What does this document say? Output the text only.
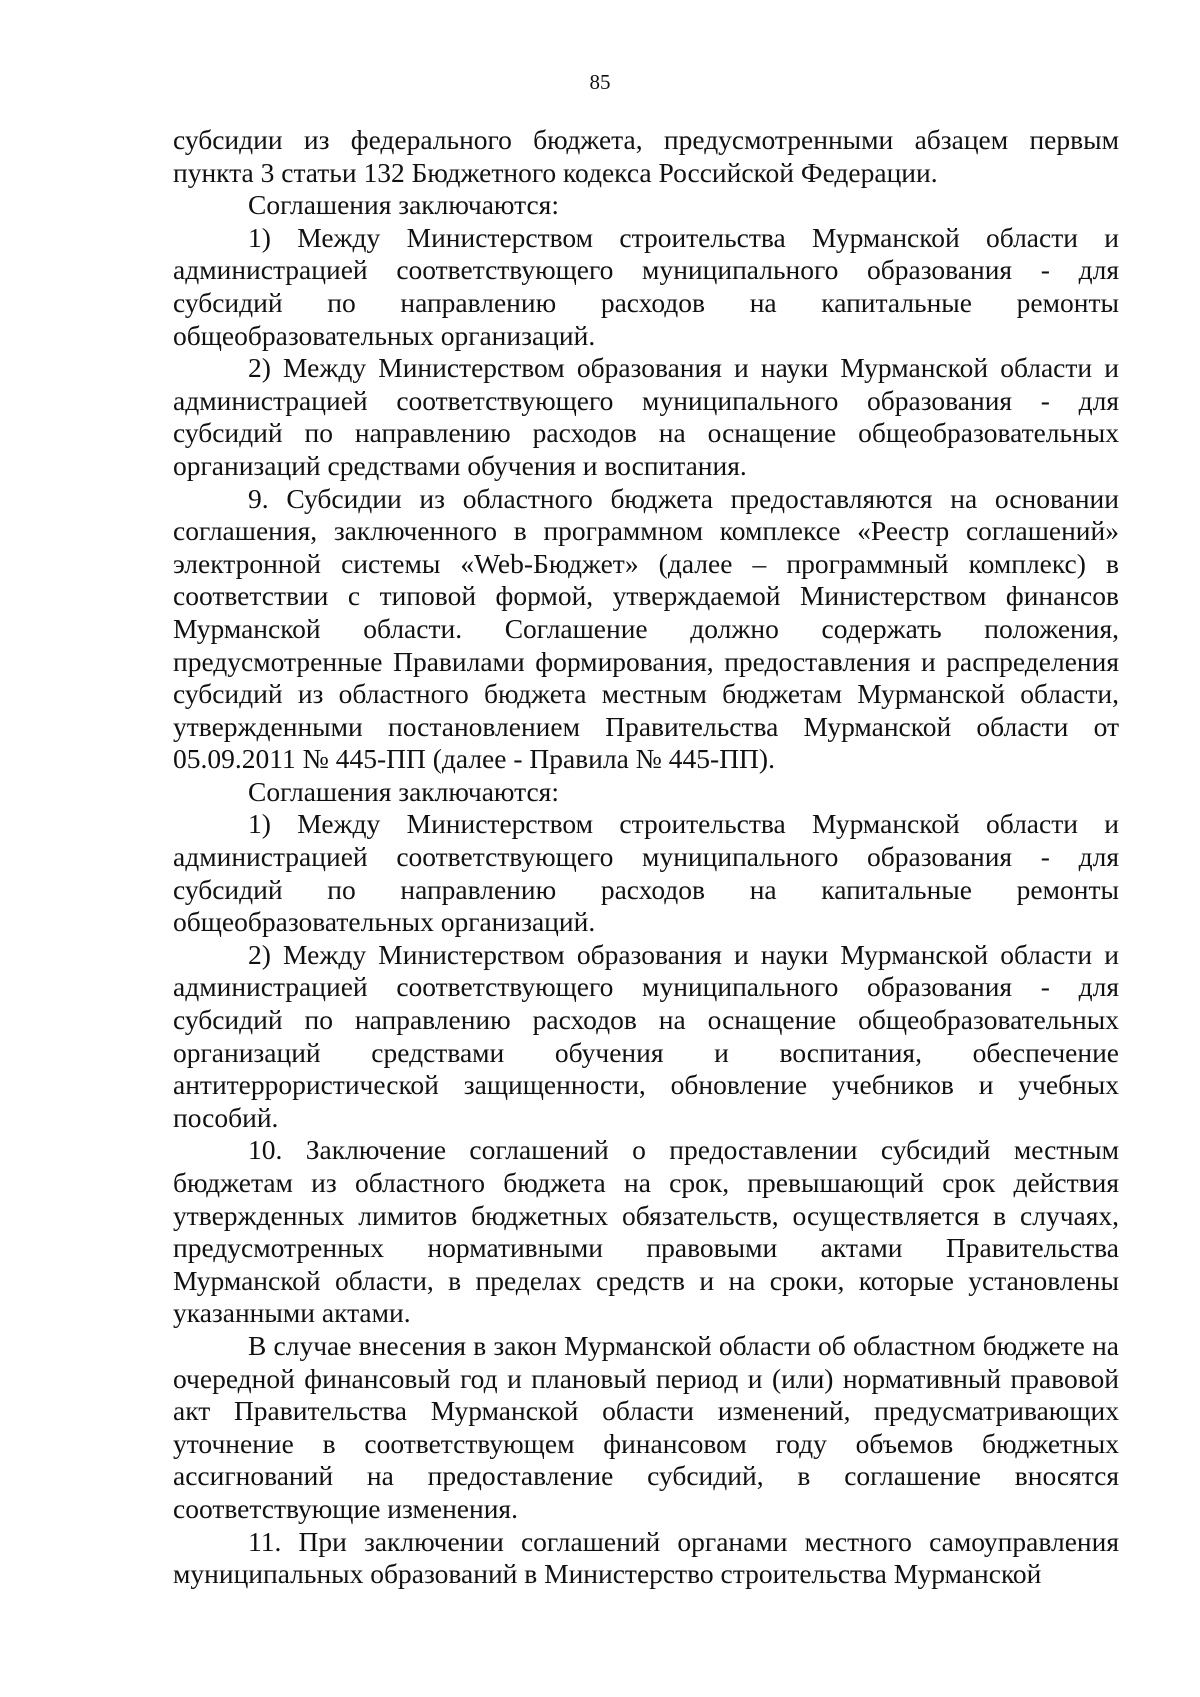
85

субсидии из федерального бюджета, предусмотренными абзацем первым пункта 3 статьи 132 Бюджетного кодекса Российской Федерации.

Соглашения заключаются:

1) Между Министерством строительства Мурманской области и администрацией соответствующего муниципального образования - для субсидий по направлению расходов на капитальные ремонты общеобразовательных организаций.

2) Между Министерством образования и науки Мурманской области и администрацией соответствующего муниципального образования - для субсидий по направлению расходов на оснащение общеобразовательных организаций средствами обучения и воспитания.

9. Субсидии из областного бюджета предоставляются на основании соглашения, заключенного в программном комплексе «Реестр соглашений» электронной системы «Web-Бюджет» (далее – программный комплекс) в соответствии с типовой формой, утверждаемой Министерством финансов Мурманской области. Соглашение должно содержать положения, предусмотренные Правилами формирования, предоставления и распределения субсидий из областного бюджета местным бюджетам Мурманской области, утвержденными постановлением Правительства Мурманской области от 05.09.2011 № 445-ПП (далее - Правила № 445-ПП).

Соглашения заключаются:

1) Между Министерством строительства Мурманской области и администрацией соответствующего муниципального образования - для субсидий по направлению расходов на капитальные ремонты общеобразовательных организаций.

2) Между Министерством образования и науки Мурманской области и администрацией соответствующего муниципального образования - для субсидий по направлению расходов на оснащение общеобразовательных организаций средствами обучения и воспитания, обеспечение антитеррористической защищенности, обновление учебников и учебных пособий.

10. Заключение соглашений о предоставлении субсидий местным бюджетам из областного бюджета на срок, превышающий срок действия утвержденных лимитов бюджетных обязательств, осуществляется в случаях, предусмотренных нормативными правовыми актами Правительства Мурманской области, в пределах средств и на сроки, которые установлены указанными актами.

В случае внесения в закон Мурманской области об областном бюджете на очередной финансовый год и плановый период и (или) нормативный правовой акт Правительства Мурманской области изменений, предусматривающих уточнение в соответствующем финансовом году объемов бюджетных ассигнований на предоставление субсидий, в соглашение вносятся соответствующие изменения.

11. При заключении соглашений органами местного самоуправления муниципальных образований в Министерство строительства Мурманской
